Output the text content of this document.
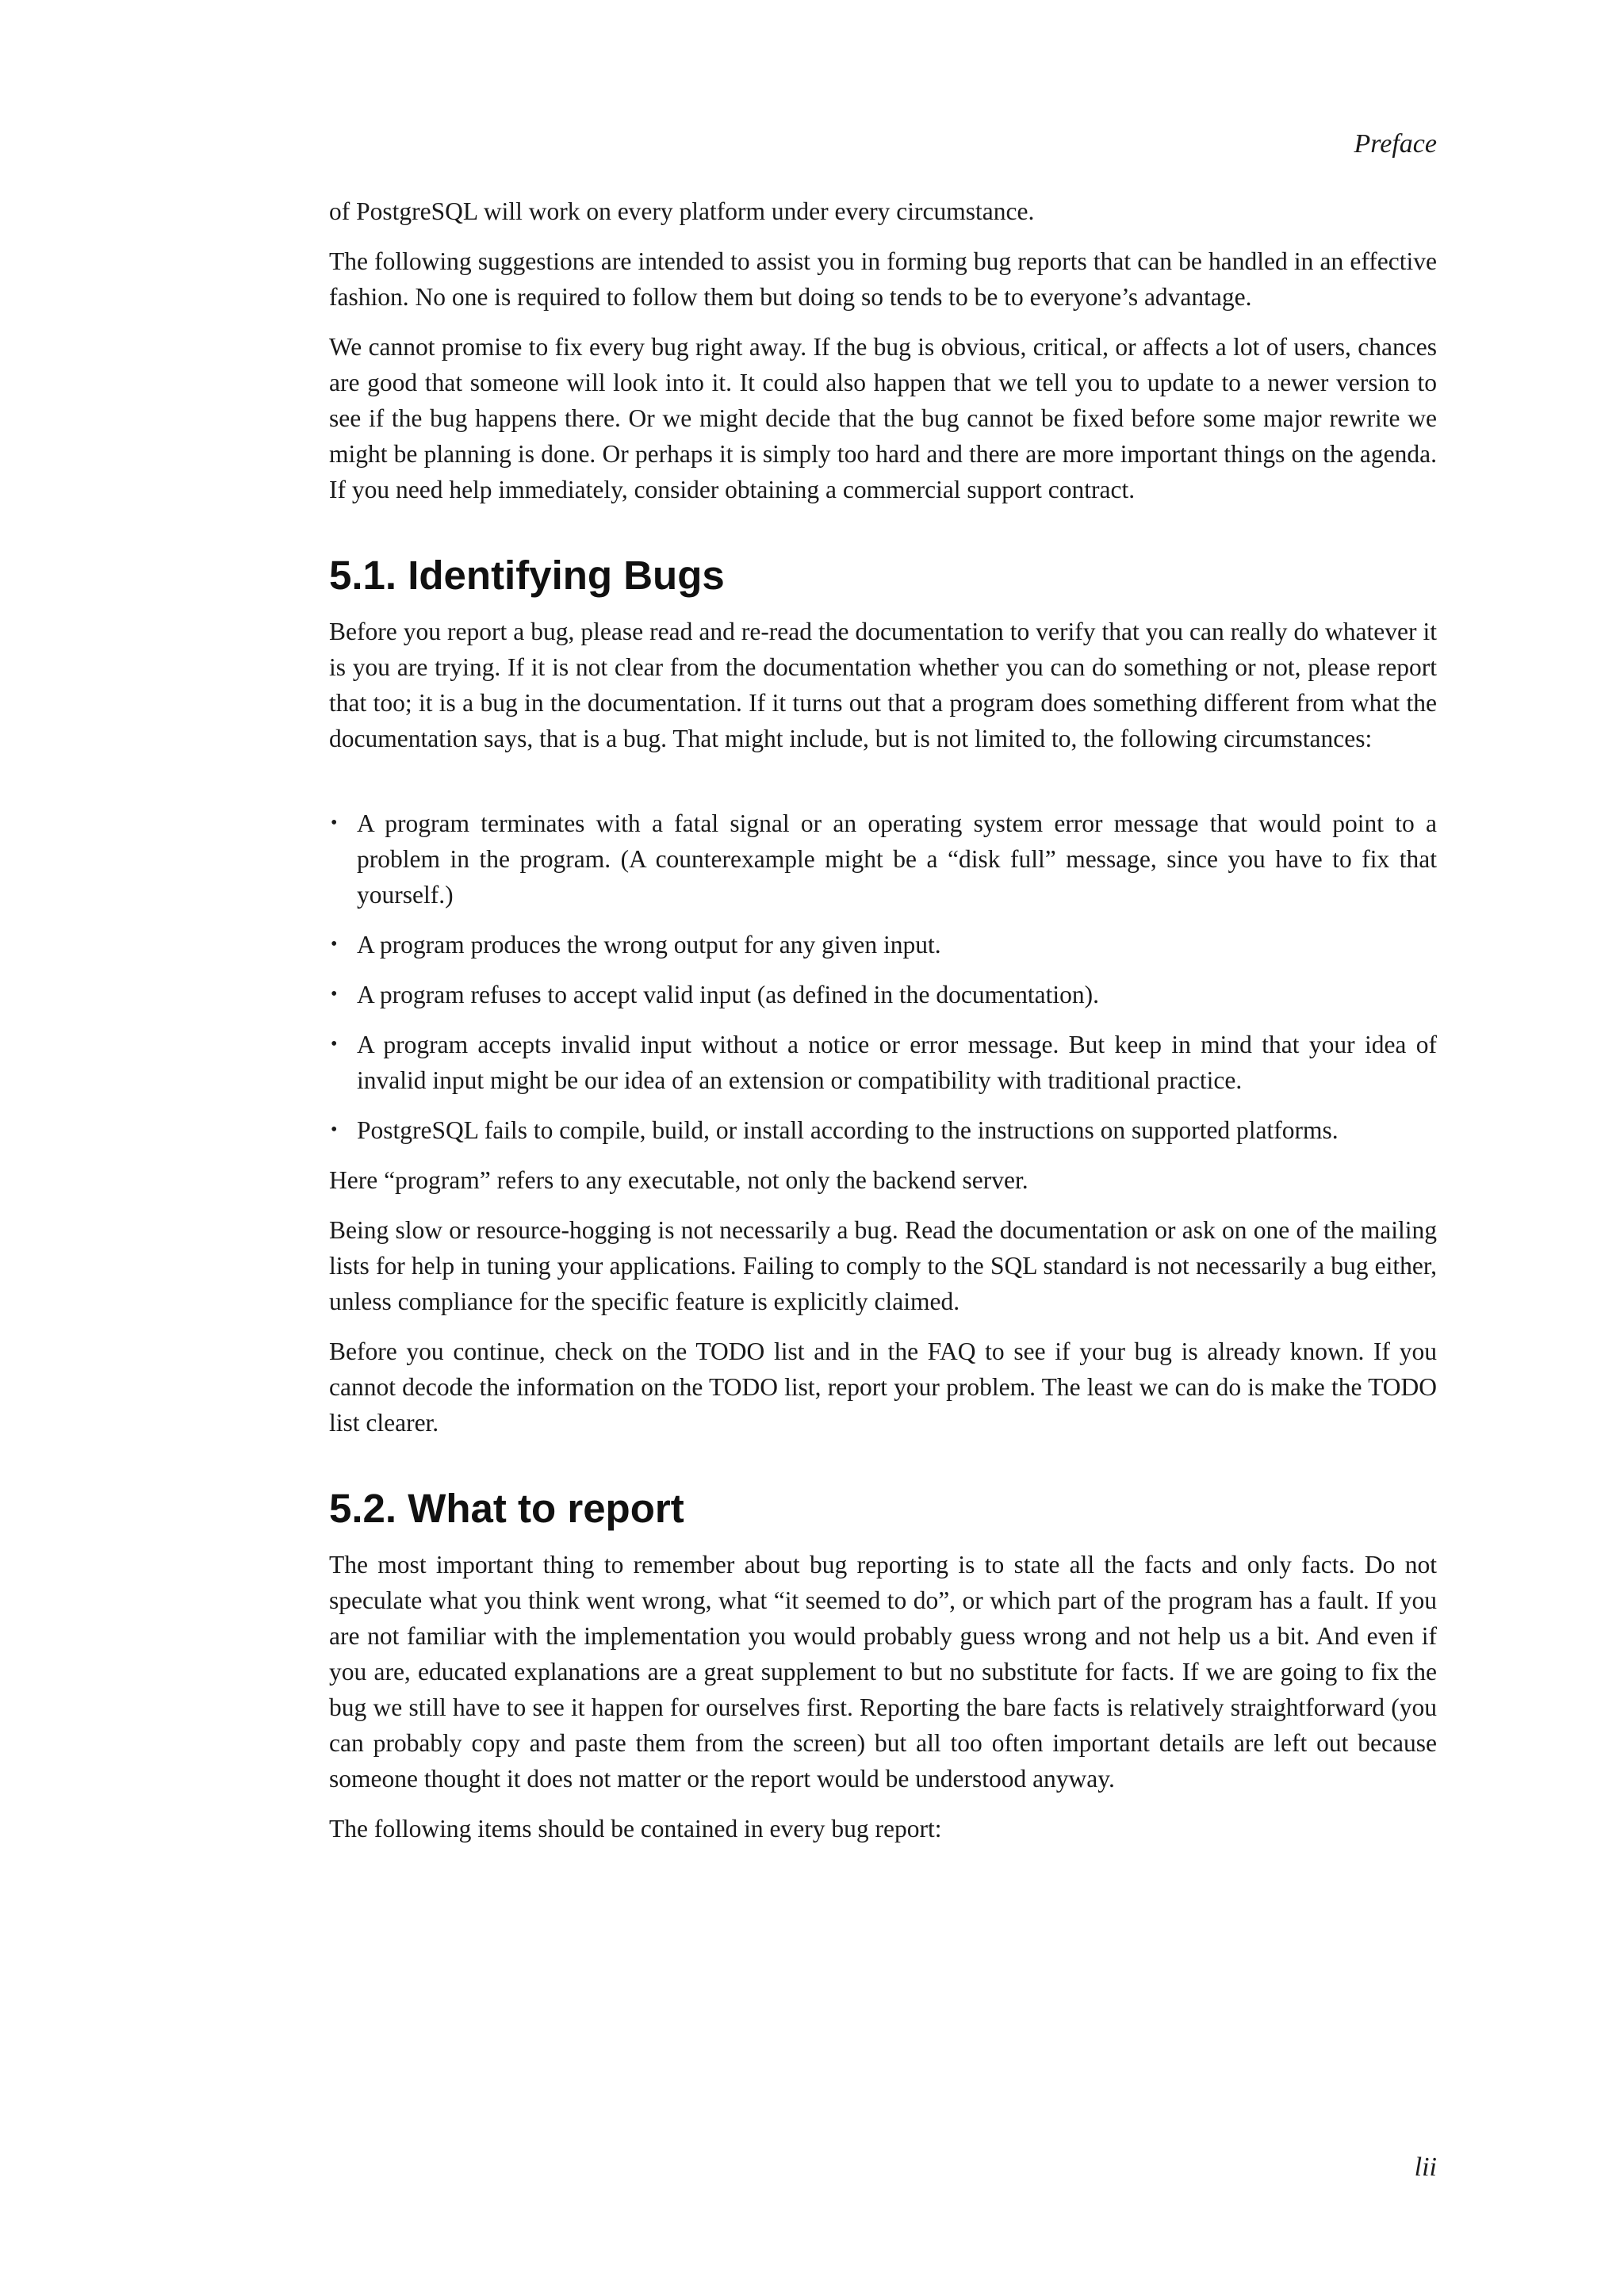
Preface

of PostgreSQL will work on every platform under every circumstance.

The following suggestions are intended to assist you in forming bug reports that can be handled in an effective fashion. No one is required to follow them but doing so tends to be to everyone’s advantage.

We cannot promise to fix every bug right away. If the bug is obvious, critical, or affects a lot of users, chances are good that someone will look into it. It could also happen that we tell you to update to a newer version to see if the bug happens there. Or we might decide that the bug cannot be fixed before some major rewrite we might be planning is done. Or perhaps it is simply too hard and there are more important things on the agenda. If you need help immediately, consider obtaining a commercial support contract.

5.1. Identifying Bugs

Before you report a bug, please read and re-read the documentation to verify that you can really do whatever it is you are trying. If it is not clear from the documentation whether you can do something or not, please report that too; it is a bug in the documentation. If it turns out that a program does something different from what the documentation says, that is a bug. That might include, but is not limited to, the following circumstances:

• A program terminates with a fatal signal or an operating system error message that would point to a problem in the program. (A counterexample might be a “disk full” message, since you have to fix that yourself.)
• A program produces the wrong output for any given input.
• A program refuses to accept valid input (as defined in the documentation).
• A program accepts invalid input without a notice or error message. But keep in mind that your idea of invalid input might be our idea of an extension or compatibility with traditional practice.
• PostgreSQL fails to compile, build, or install according to the instructions on supported platforms.

Here “program” refers to any executable, not only the backend server.

Being slow or resource-hogging is not necessarily a bug. Read the documentation or ask on one of the mailing lists for help in tuning your applications. Failing to comply to the SQL standard is not necessarily a bug either, unless compliance for the specific feature is explicitly claimed.

Before you continue, check on the TODO list and in the FAQ to see if your bug is already known. If you cannot decode the information on the TODO list, report your problem. The least we can do is make the TODO list clearer.

5.2. What to report

The most important thing to remember about bug reporting is to state all the facts and only facts. Do not speculate what you think went wrong, what “it seemed to do”, or which part of the program has a fault. If you are not familiar with the implementation you would probably guess wrong and not help us a bit. And even if you are, educated explanations are a great supplement to but no substitute for facts. If we are going to fix the bug we still have to see it happen for ourselves first. Reporting the bare facts is relatively straightforward (you can probably copy and paste them from the screen) but all too often important details are left out because someone thought it does not matter or the report would be understood anyway.

The following items should be contained in every bug report:

lii
